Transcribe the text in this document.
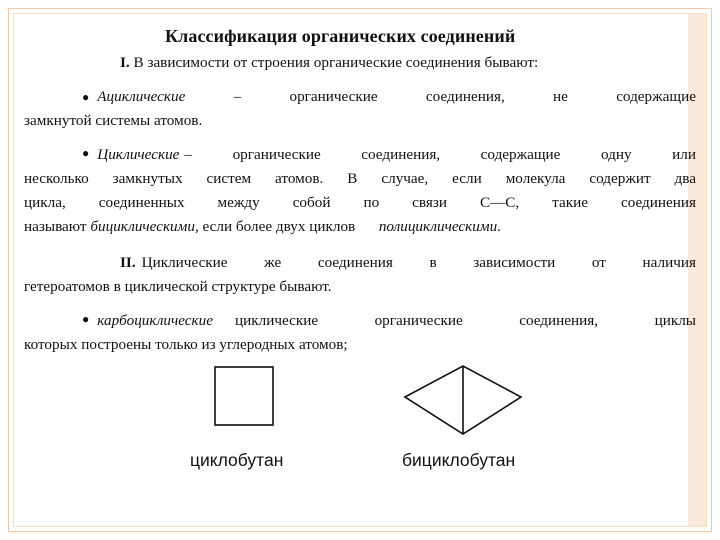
Классификация органических соединений
I. В зависимости от строения органические соединения бывают:
● Ациклические	–	органические	соединения,	не	содержащие
замкнутой системы атомов.
● Циклические – органические соединения, содержащие одну или
несколько замкнутых систем атомов. В случае, если молекула содержит два
цикла, соединенных между собой по связи С—С, такие соединения
называют бициклическими, если более двух циклов полициклическими.
II. Циклические же соединения в зависимости от наличия
гетероатомов в циклической структуре бывают.
● карбоциклические циклические органические соединения, циклы
которых построены только из углеродных атомов;
циклобутан	бициклобутан
